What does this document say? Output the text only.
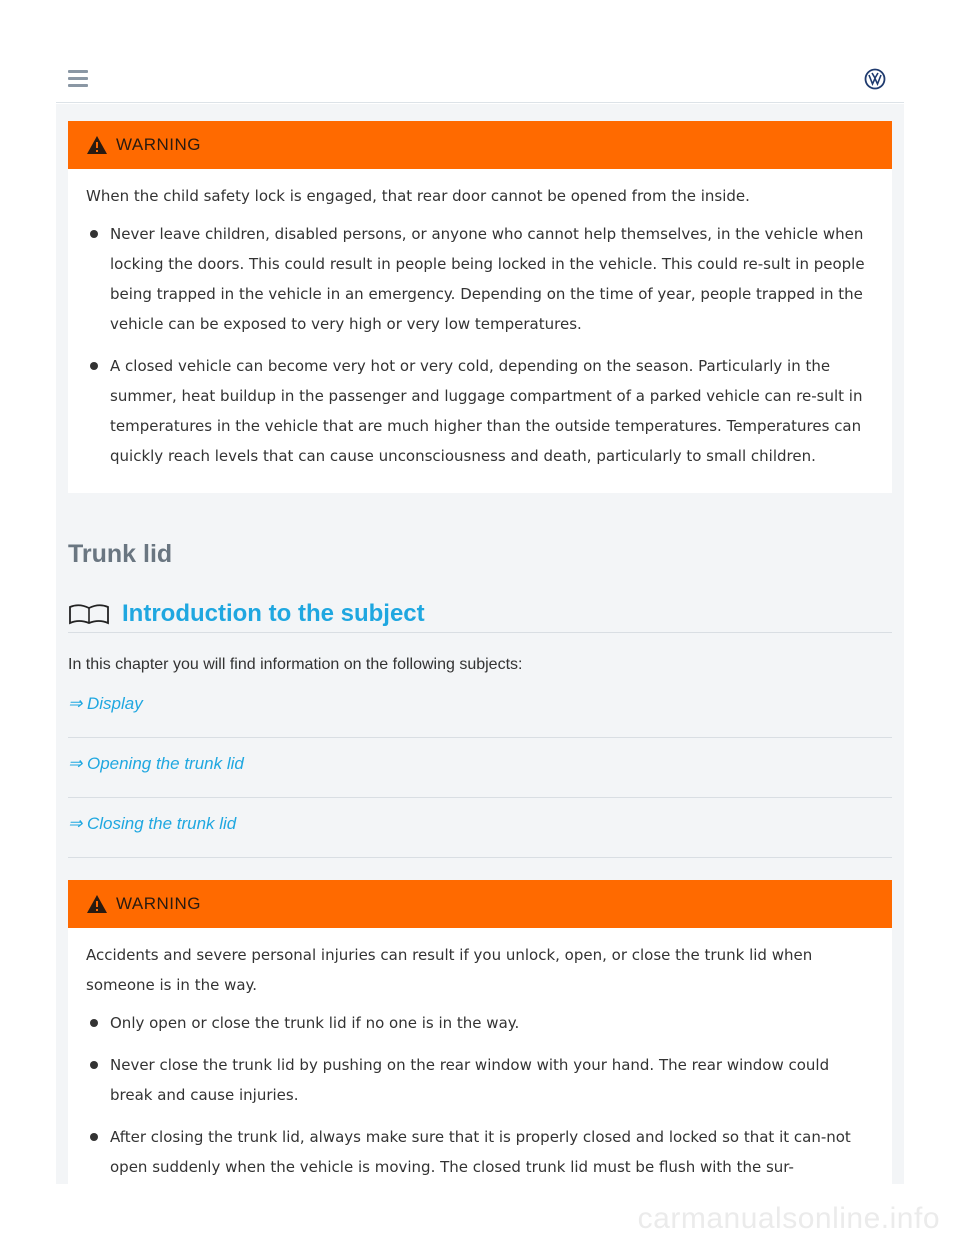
WARNING

When the child safety lock is engaged, that rear door cannot be opened from the inside.

Never leave children, disabled persons, or anyone who cannot help themselves, in the vehicle when locking the doors. This could result in people being locked in the vehicle. This could re-sult in people being trapped in the vehicle in an emergency. Depending on the time of year, people trapped in the vehicle can be exposed to very high or very low temperatures.
A closed vehicle can become very hot or very cold, depending on the season. Particularly in the summer, heat buildup in the passenger and luggage compartment of a parked vehicle can re-sult in temperatures in the vehicle that are much higher than the outside temperatures. Temperatures can quickly reach levels that can cause unconsciousness and death, particularly to small children.
Trunk lid
Introduction to the subject
In this chapter you will find information on the following subjects:
⇒ Display
⇒ Opening the trunk lid
⇒ Closing the trunk lid
WARNING

Accidents and severe personal injuries can result if you unlock, open, or close the trunk lid when someone is in the way.

Only open or close the trunk lid if no one is in the way.
Never close the trunk lid by pushing on the rear window with your hand. The rear window could break and cause injuries.
After closing the trunk lid, always make sure that it is properly closed and locked so that it can-not open suddenly when the vehicle is moving. The closed trunk lid must be flush with the sur-
carmanualsonline.info
